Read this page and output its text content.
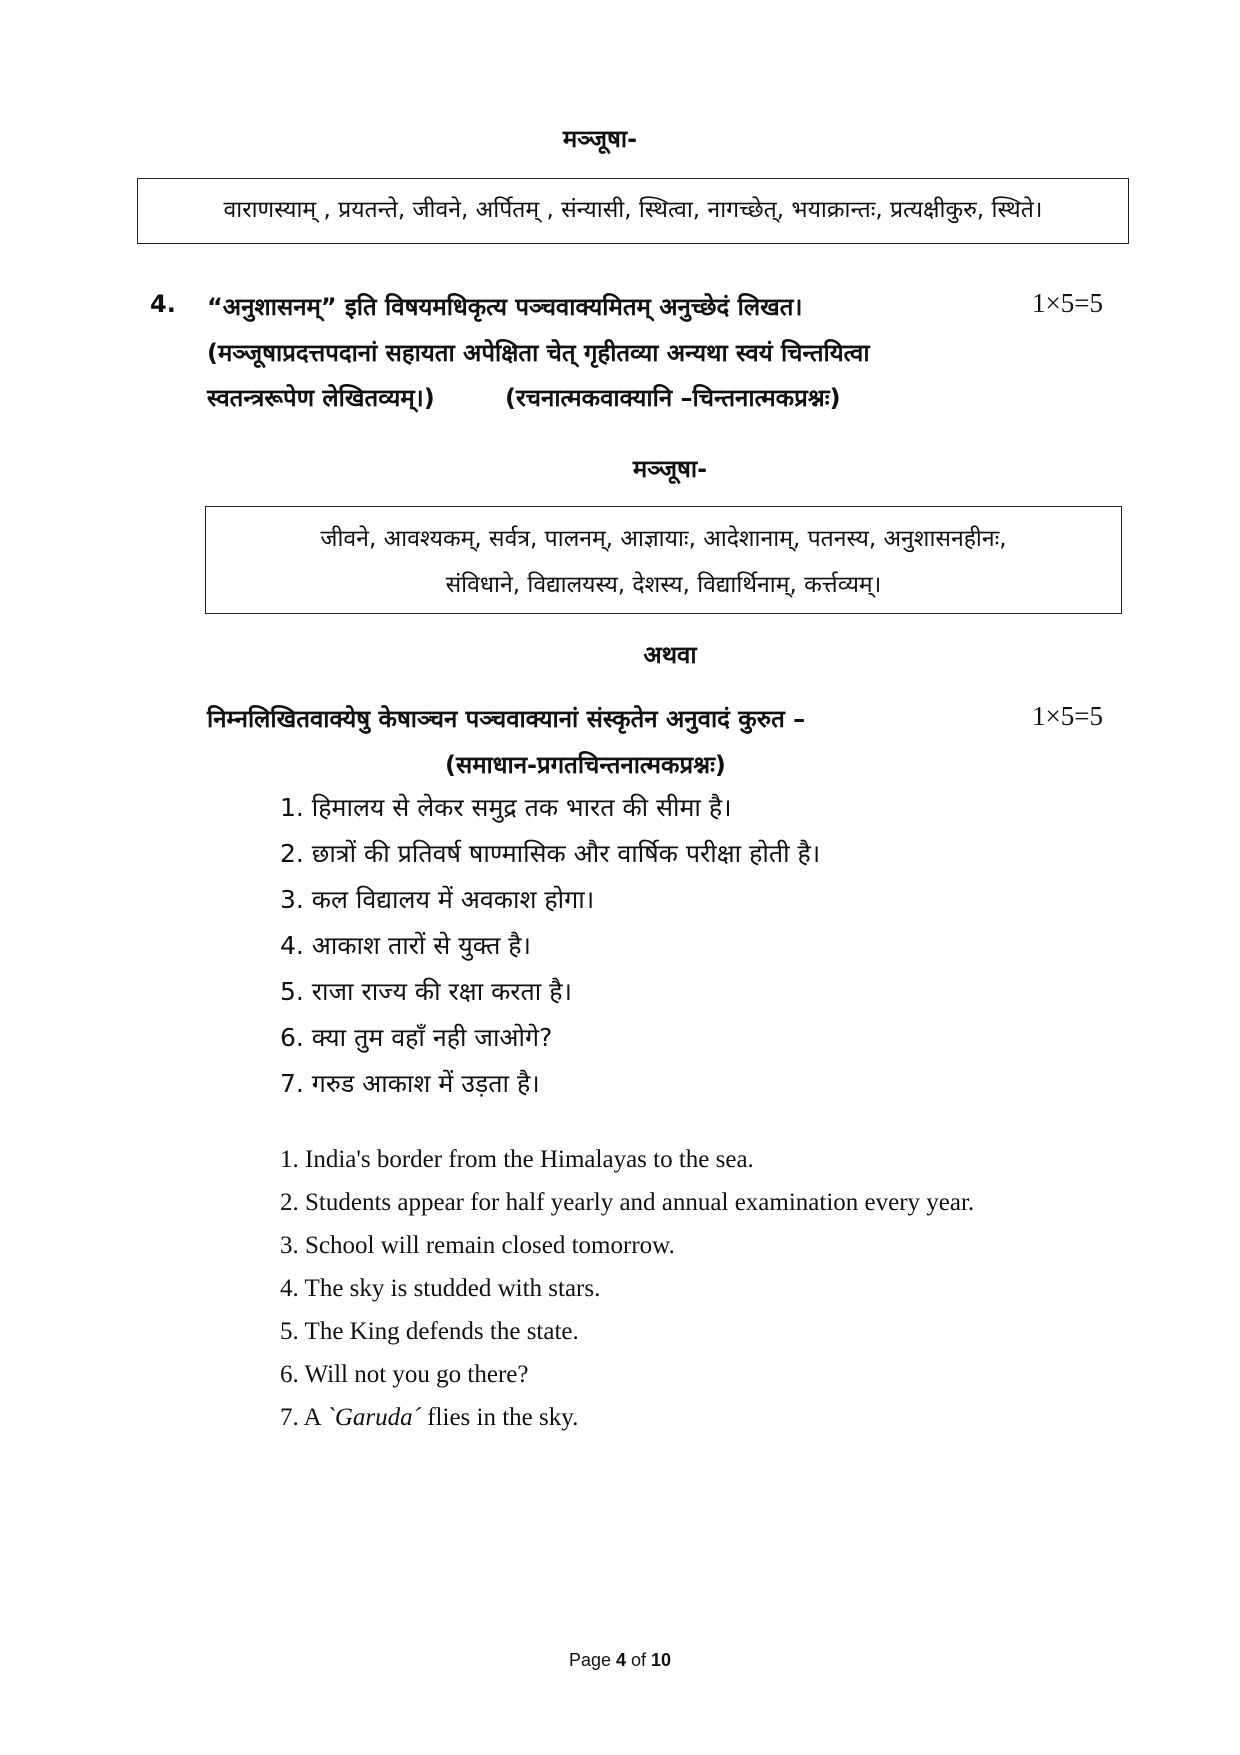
मञ्जूषा-
वाराणस्याम् , प्रयतन्ते, जीवने, अर्पितम् , संन्यासी, स्थित्वा, नागच्छेत्, भयाक्रान्तः, प्रत्यक्षीकुरु, स्थिते।
4. “अनुशासनम्” इति विषयमधिकृत्य पञ्चवाक्यमितम् अनुच्छेदं लिखत।	1×5=5
(मञ्जूषाप्रदत्तपदानां सहायता अपेक्षिता चेत् गृहीतव्या अन्यथा स्वयं चिन्तयित्वा
स्वतन्त्ररूपेण लेखितव्यम्।)	(रचनात्मकवाक्यानि –चिन्तनात्मकप्रश्नः)
मञ्जूषा-
जीवने, आवश्यकम्, सर्वत्र, पालनम्, आज्ञायाः, आदेशानाम्, पतनस्य, अनुशासनहीनः,
संविधाने, विद्यालयस्य, देशस्य, विद्यार्थिनाम्, कर्त्तव्यम्।
अथवा
निम्नलिखितवाक्येषु केषाञ्चन पञ्चवाक्यानां संस्कृतेन अनुवादं कुरुत –	1×5=5
(समाधान-प्रगतचिन्तनात्मकप्रश्नः)
1. हिमालय से लेकर समुद्र तक भारत की सीमा है।
2. छात्रों की प्रतिवर्ष षाण्मासिक और वार्षिक परीक्षा होती है।
3. कल विद्यालय में अवकाश होगा।
4. आकाश तारों से युक्त है।
5. राजा राज्य की रक्षा करता है।
6. क्या तुम वहाँ नही जाओगे?
7. गरुड आकाश में उड़ता है।
1. India's border from the Himalayas to the sea.
2. Students appear for half yearly and annual examination every year.
3. School will remain closed tomorrow.
4. The sky is studded with stars.
5. The King defends the state.
6. Will not you go there?
7. A `Garuda´ flies in the sky.
Page 4 of 10
